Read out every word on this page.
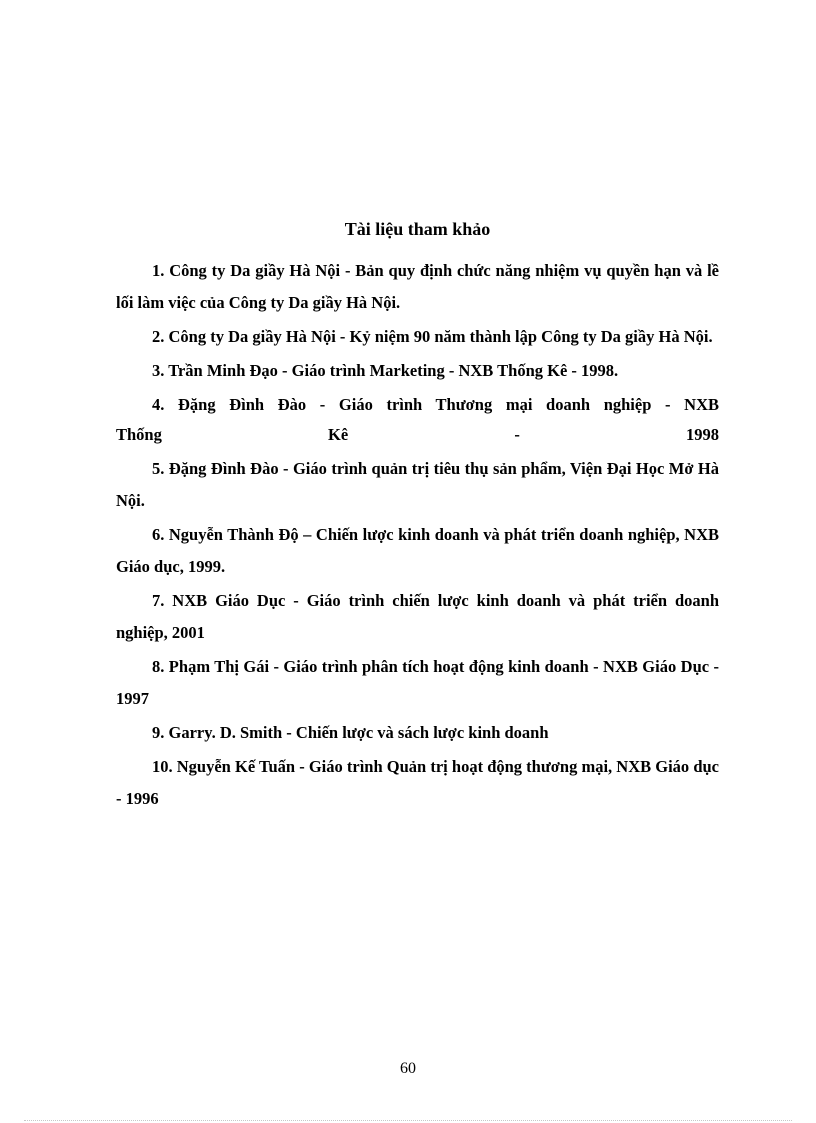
Tài liệu tham khảo

1. Công ty Da giầy Hà Nội - Bản quy định chức năng nhiệm vụ quyền hạn và lề lối làm việc của Công ty Da giầy Hà Nội.

2. Công ty Da giầy Hà Nội - Kỷ niệm 90 năm thành lập Công ty Da giầy Hà Nội.

3. Trần Minh Đạo - Giáo trình Marketing - NXB Thống Kê - 1998.

4. Đặng Đình Đào - Giáo trình Thương mại doanh nghiệp - NXB

Thống Kê - 1998

5. Đặng Đình Đào - Giáo trình quản trị tiêu thụ sản phẩm, Viện Đại Học Mở Hà Nội.

6. Nguyễn Thành Độ – Chiến lược kinh doanh và phát triển doanh nghiệp, NXB Giáo dục, 1999.

7. NXB Giáo Dục - Giáo trình chiến lược kinh doanh và phát triển doanh nghiệp, 2001

8. Phạm Thị Gái - Giáo trình phân tích hoạt động kinh doanh - NXB Giáo Dục - 1997

9. Garry. D. Smith - Chiến lược và sách lược kinh doanh

10. Nguyễn Kế Tuấn - Giáo trình Quản trị hoạt động thương mại, NXB Giáo dục - 1996

60
